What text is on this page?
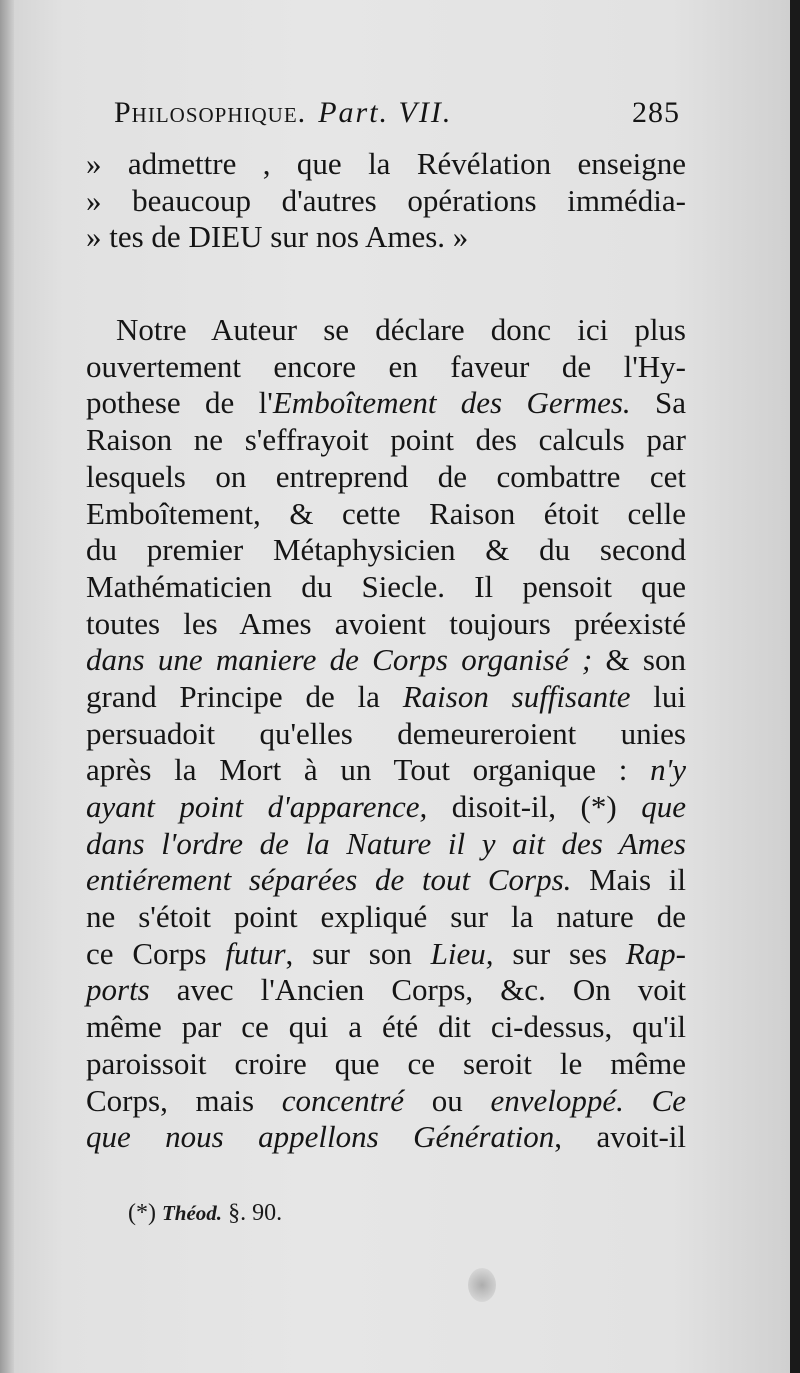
Philosophique. Part. VII.	285
» admettre , que la Révélation enseigne
» beaucoup d'autres opérations immédia-
» tes de DIEU sur nos Ames. »
Notre Auteur se déclare donc ici plus
ouvertement encore en faveur de l'Hy-
pothese de l'Emboîtement des Germes. Sa
Raison ne s'effrayoit point des calculs par
lesquels on entreprend de combattre cet
Emboîtement, & cette Raison étoit celle
du premier Métaphysicien & du second
Mathématicien du Siecle. Il pensoit que
toutes les Ames avoient toujours préexisté
dans une maniere de Corps organisé ; & son
grand Principe de la Raison suffisante lui
persuadoit qu'elles demeureroient unies
après la Mort à un Tout organique : n'y
ayant point d'apparence, disoit-il, (*) que
dans l'ordre de la Nature il y ait des Ames
entiérement séparées de tout Corps. Mais il
ne s'étoit point expliqué sur la nature de
ce Corps futur, sur son Lieu, sur ses Rap-
ports avec l'Ancien Corps, &c. On voit
même par ce qui a été dit ci-dessus, qu'il
paroissoit croire que ce seroit le même
Corps, mais concentré ou enveloppé. Ce
que nous appellons Génération, avoit-il
(*) Théod. §. 90.
